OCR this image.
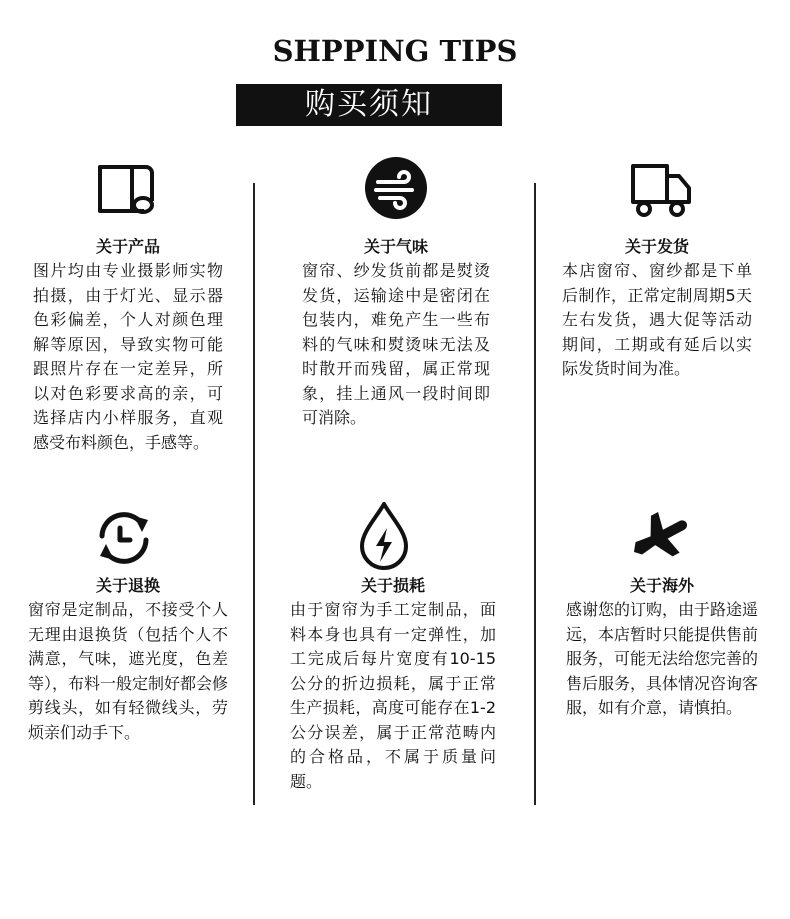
SHPPING TIPS
购买须知
关于产品
图片均由专业摄影师实物拍摄，由于灯光、显示器色彩偏差，个人对颜色理解等原因，导致实物可能跟照片存在一定差异，所以对色彩要求高的亲，可选择店内小样服务，直观感受布料颜色，手感等。
关于气味
窗帘、纱发货前都是熨烫发货，运输途中是密闭在包装内，难免产生一些布料的气味和熨烫味无法及时散开而残留，属正常现象，挂上通风一段时间即可消除。
关于发货
本店窗帘、窗纱都是下单后制作，正常定制周期5天左右发货，遇大促等活动期间，工期或有延后以实际发货时间为准。
关于退换
窗帘是定制品，不接受个人无理由退换货（包括个人不满意，气味，遮光度，色差等），布料一般定制好都会修剪线头，如有轻微线头，劳烦亲们动手下。
关于损耗
由于窗帘为手工定制品，面料本身也具有一定弹性，加工完成后每片宽度有10-15公分的折边损耗，属于正常生产损耗，高度可能存在1-2公分误差，属于正常范畴内的合格品，不属于质量问题。
关于海外
感谢您的订购，由于路途遥远，本店暂时只能提供售前服务，可能无法给您完善的售后服务，具体情况咨询客服，如有介意，请慎拍。
